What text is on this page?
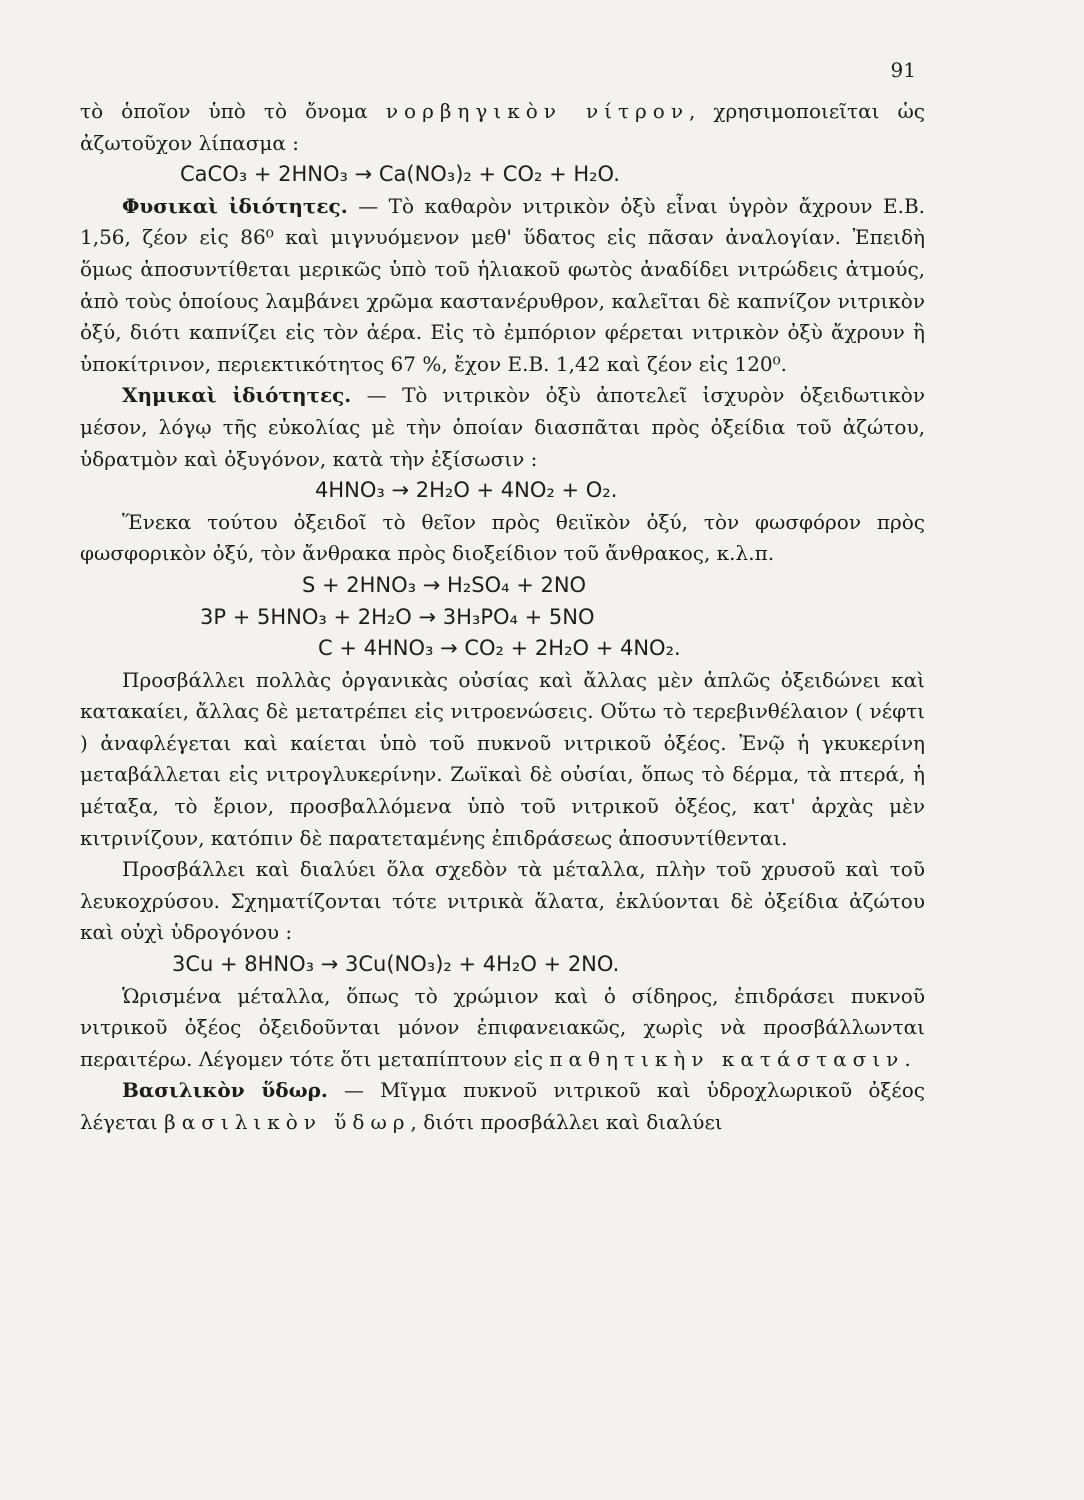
91

τὸ ὁποῖον ὑπὸ τὸ ὄνομα νορβηγικὸν νίτρον, χρησιμοποιεῖται ὡς ἀζωτοῦχον λίπασμα :

CaCO₃ + 2HNO₃ → Ca(NO₃)₂ + CO₂ + H₂O.

Φυσικαὶ ἰδιότητες. — Τὸ καθαρὸν νιτρικὸν ὀξὺ εἶναι ὑγρὸν ἄχρουν Ε.Β. 1,56, ζέον εἰς 86⁰ καὶ μιγνυόμενον μεθ' ὕδατος εἰς πᾶσαν ἀναλογίαν. Ἐπειδὴ ὅμως ἀποσυντίθεται μερικῶς ὑπὸ τοῦ ἡλιακοῦ φωτὸς ἀναδίδει νιτρώδεις ἀτμούς, ἀπὸ τοὺς ὁποίους λαμβάνει χρῶμα καστανέρυθρον, καλεῖται δὲ καπνίζον νιτρικὸν ὀξύ, διότι καπνίζει εἰς τὸν ἀέρα. Εἰς τὸ ἐμπόριον φέρεται νιτρικὸν ὀξὺ ἄχρουν ἢ ὑποκίτρινον, περιεκτικότητος 67 %, ἔχον Ε.Β. 1,42 καὶ ζέον εἰς 120⁰.

Χημικαὶ ἰδιότητες. — Τὸ νιτρικὸν ὀξὺ ἀποτελεῖ ἰσχυρὸν ὀξειδωτικὸν μέσον, λόγῳ τῆς εὐκολίας μὲ τὴν ὁποίαν διασπᾶται πρὸς ὀξείδια τοῦ ἀζώτου, ὑδρατμὸν καὶ ὀξυγόνον, κατὰ τὴν ἐξίσωσιν :

4HNO₃ → 2H₂O + 4NO₂ + O₂.

Ἕνεκα τούτου ὀξειδοῖ τὸ θεῖον πρὸς θειϊκὸν ὀξύ, τὸν φωσφόρον πρὸς φωσφορικὸν ὀξύ, τὸν ἄνθρακα πρὸς διοξείδιον τοῦ ἄνθρακος, κ.λ.π.

S + 2HNO₃ → H₂SO₄ + 2NO

3P + 5HNO₃ + 2H₂O → 3H₃PO₄ + 5NO

C + 4HNO₃ → CO₂ + 2H₂O + 4NO₂.

Προσβάλλει πολλὰς ὀργανικὰς οὐσίας καὶ ἄλλας μὲν ἁπλῶς ὀξειδώνει καὶ κατακαίει, ἄλλας δὲ μετατρέπει εἰς νιτροενώσεις. Οὕτω τὸ τερεβινθέλαιον ( νέφτι ) ἀναφλέγεται καὶ καίεται ὑπὸ τοῦ πυκνοῦ νιτρικοῦ ὀξέος. Ἐνῷ ἡ γκυκερίνη μεταβάλλεται εἰς νιτρογλυκερίνην. Ζωϊκαὶ δὲ οὐσίαι, ὅπως τὸ δέρμα, τὰ πτερά, ἡ μέταξα, τὸ ἔριον, προσβαλλόμενα ὑπὸ τοῦ νιτρικοῦ ὀξέος, κατ' ἀρχὰς μὲν κιτρινίζουν, κατόπιν δὲ παρατεταμένης ἐπιδράσεως ἀποσυντίθενται.

Προσβάλλει καὶ διαλύει ὅλα σχεδὸν τὰ μέταλλα, πλὴν τοῦ χρυσοῦ καὶ τοῦ λευκοχρύσου. Σχηματίζονται τότε νιτρικὰ ἅλατα, ἐκλύονται δὲ ὀξείδια ἀζώτου καὶ οὐχὶ ὑδρογόνου :

3Cu + 8HNO₃ → 3Cu(NO₃)₂ + 4H₂O + 2NO.

Ὡρισμένα μέταλλα, ὅπως τὸ χρώμιον καὶ ὁ σίδηρος, ἐπιδράσει πυκνοῦ νιτρικοῦ ὀξέος ὀξειδοῦνται μόνον ἐπιφανειακῶς, χωρὶς νὰ προσβάλλωνται περαιτέρω. Λέγομεν τότε ὅτι μεταπίπτουν εἰς παθητικὴν κατάστασιν.

Βασιλικὸν ὕδωρ. — Μῖγμα πυκνοῦ νιτρικοῦ καὶ ὑδροχλωρικοῦ ὀξέος λέγεται βασιλικὸν ὕδωρ, διότι προσβάλλει καὶ διαλύει
